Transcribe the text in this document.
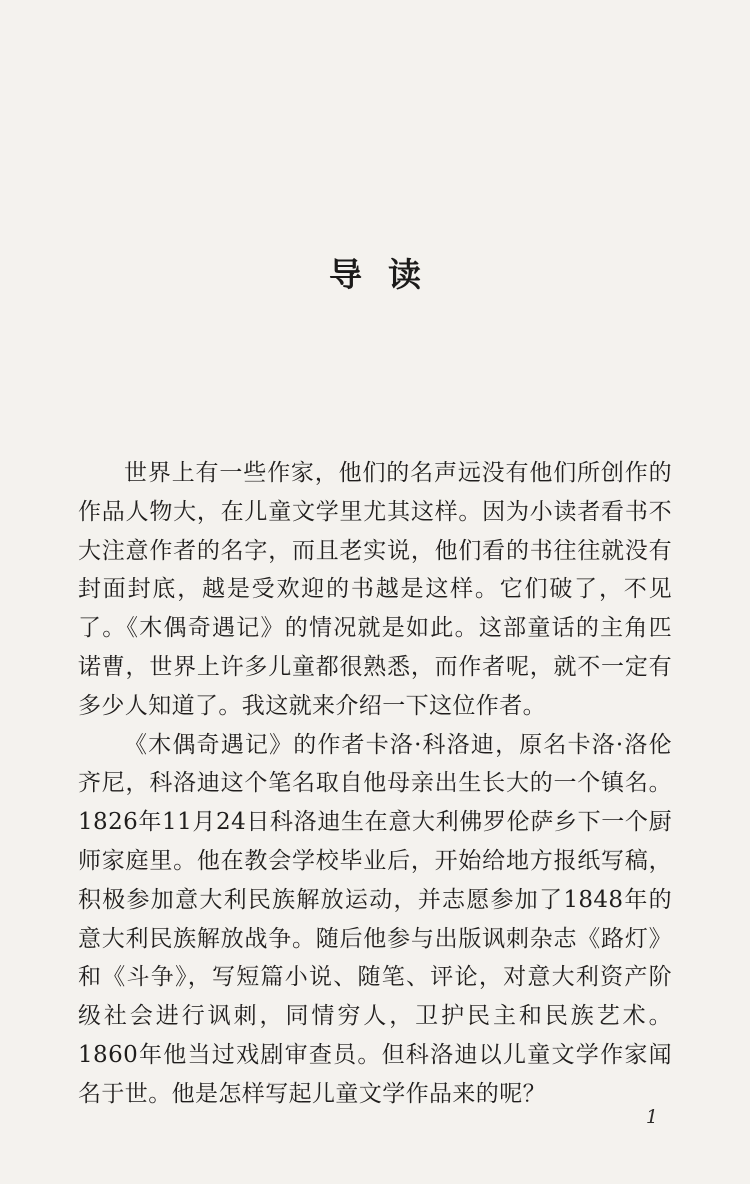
导读

世界上有一些作家，他们的名声远没有他们所创作的作品人物大，在儿童文学里尤其这样。因为小读者看书不大注意作者的名字，而且老实说，他们看的书往往就没有封面封底，越是受欢迎的书越是这样。它们破了，不见了。《木偶奇遇记》的情况就是如此。这部童话的主角匹诺曹，世界上许多儿童都很熟悉，而作者呢，就不一定有多少人知道了。我这就来介绍一下这位作者。

《木偶奇遇记》的作者卡洛·科洛迪，原名卡洛·洛伦齐尼，科洛迪这个笔名取自他母亲出生长大的一个镇名。1826年11月24日科洛迪生在意大利佛罗伦萨乡下一个厨师家庭里。他在教会学校毕业后，开始给地方报纸写稿，积极参加意大利民族解放运动，并志愿参加了1848年的意大利民族解放战争。随后他参与出版讽刺杂志《路灯》和《斗争》，写短篇小说、随笔、评论，对意大利资产阶级社会进行讽刺，同情穷人，卫护民主和民族艺术。1860年他当过戏剧审查员。但科洛迪以儿童文学作家闻名于世。他是怎样写起儿童文学作品来的呢？

1
